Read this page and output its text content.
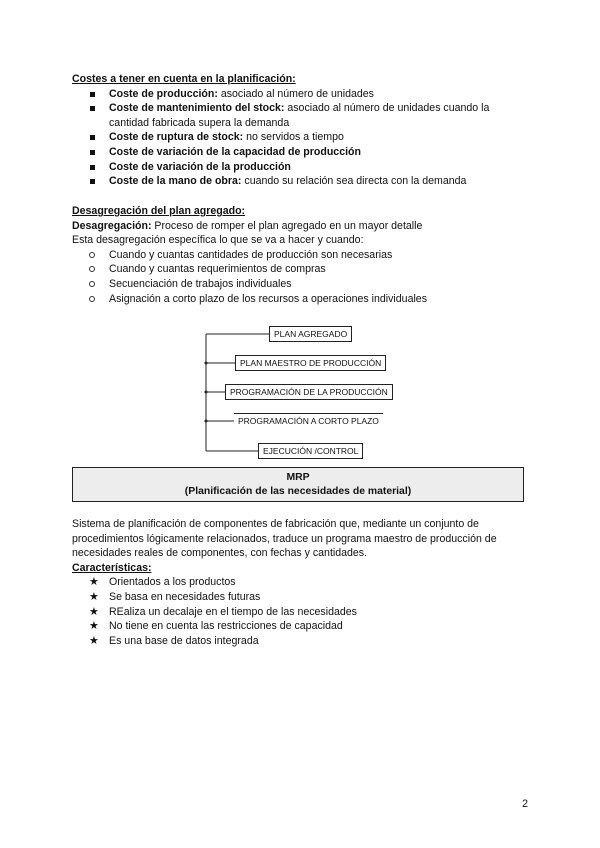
Costes a tener en cuenta en la planificación:
Coste de producción: asociado al número de unidades
Coste de mantenimiento del stock: asociado al número de unidades cuando la cantidad fabricada supera la demanda
Coste de ruptura de stock: no servidos a tiempo
Coste de variación de la capacidad de producción
Coste de variación de la producción
Coste de la mano de obra: cuando su relación sea directa con la demanda
Desagregación del plan agregado:
Desagregación: Proceso de romper el plan agregado en un mayor detalle
Esta desagregación específica lo que se va a hacer y cuando:
Cuando y cuantas cantidades de producción son necesarias
Cuando y cuantas requerimientos de compras
Secuenciación de trabajos individuales
Asignación a corto plazo de los recursos a operaciones individuales
PLAN AGREGADO
PLAN MAESTRO DE PRODUCCIÓN
PROGRAMACIÓN DE LA PRODUCCIÓN
PROGRAMACIÓN A CORTO PLAZO
EJECUCIÓN /CONTROL
MRP
(Planificación de las necesidades de material)
Sistema de planificación de componentes de fabricación que, mediante un conjunto de procedimientos lógicamente relacionados, traduce un programa maestro de producción de necesidades reales de componentes, con fechas y cantidades.
Características:
★ Orientados a los productos
★ Se basa en necesidades futuras
★ REaliza un decalaje en el tiempo de las necesidades
★ No tiene en cuenta las restricciones de capacidad
★ Es una base de datos integrada
2
